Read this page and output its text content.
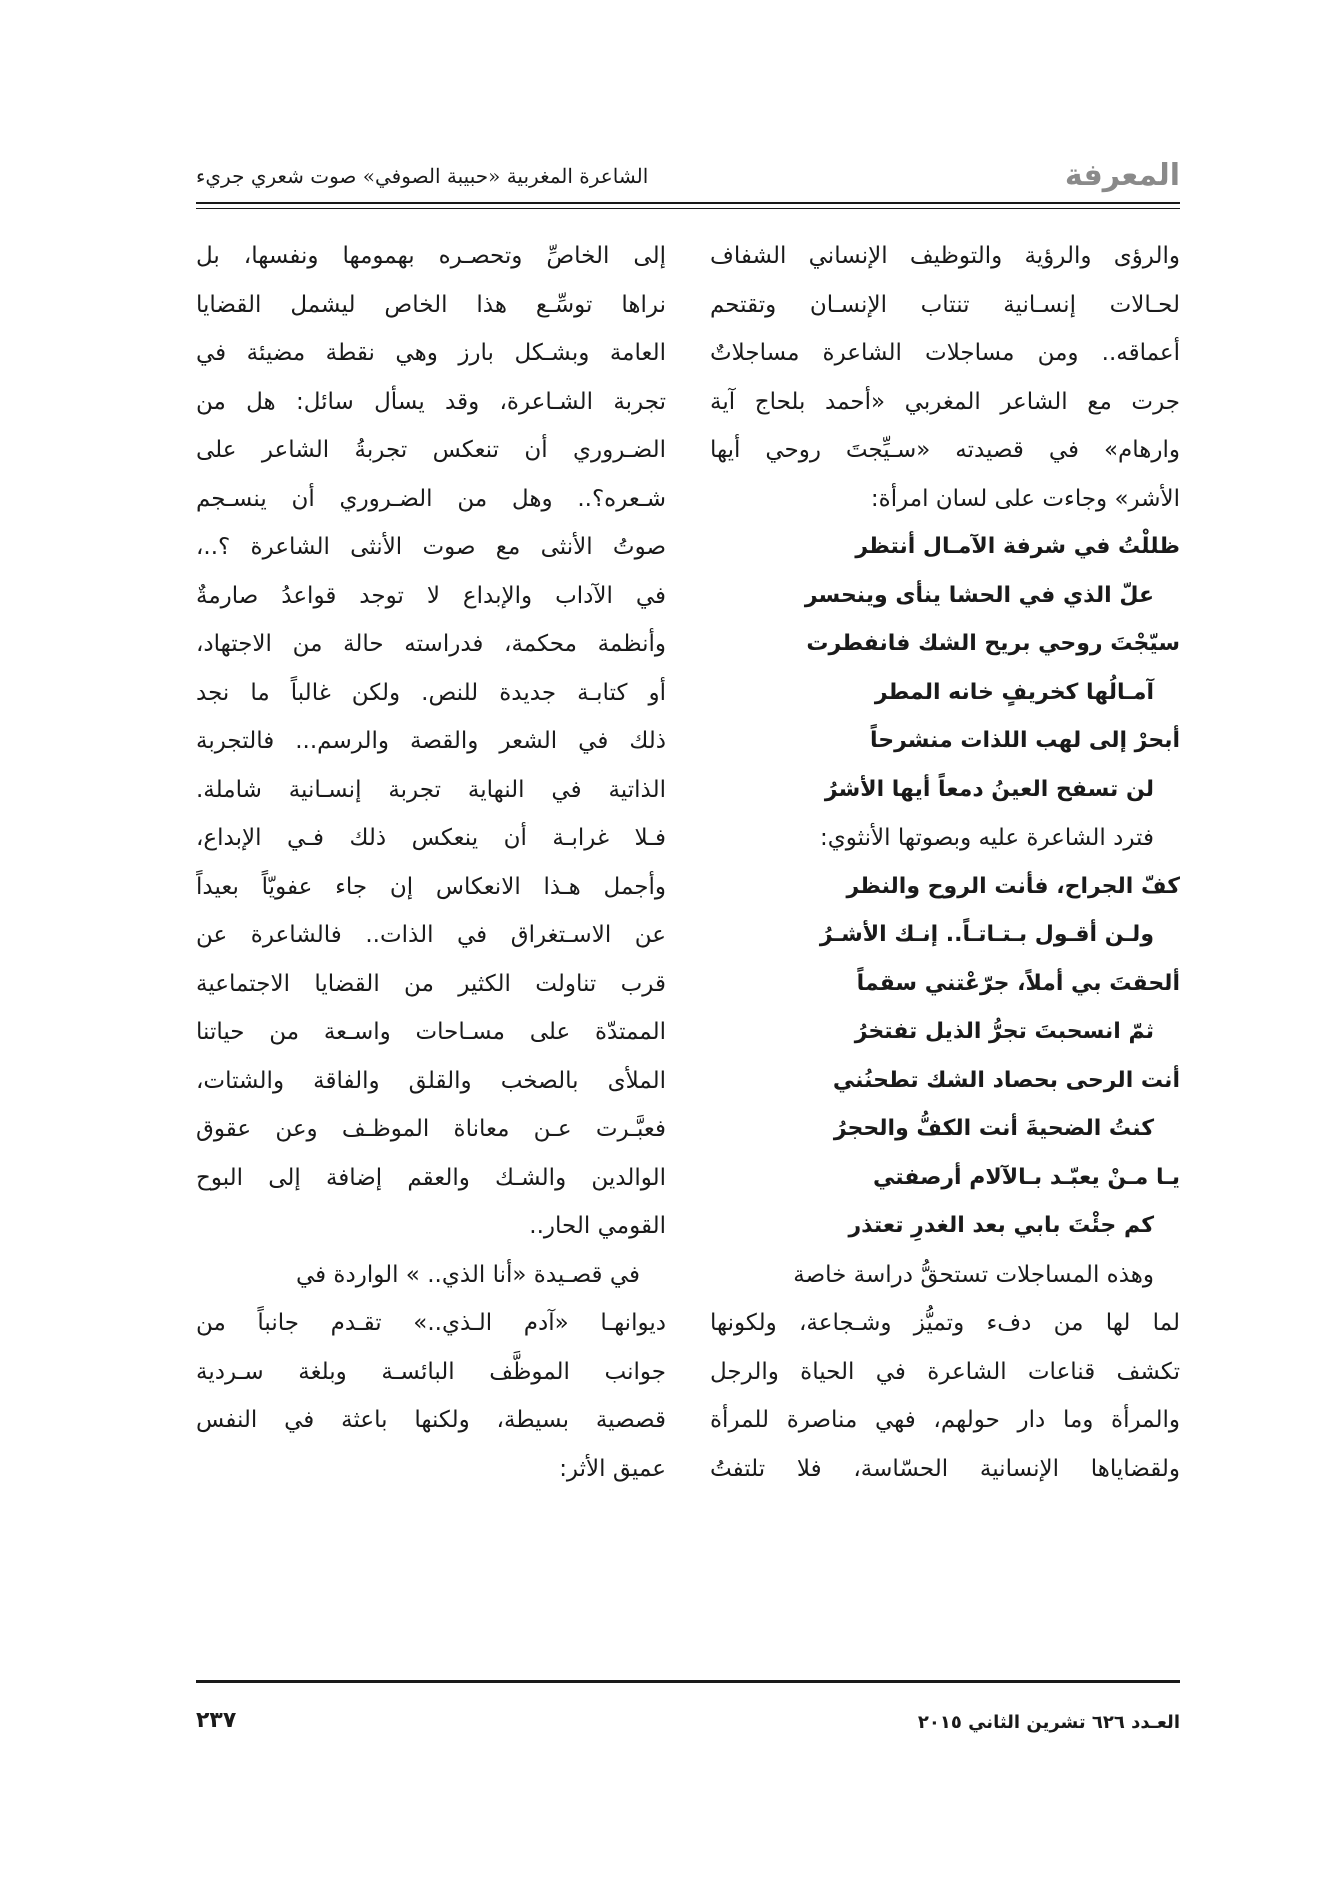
المعرفة
الشاعرة المغربية «حبيبة الصوفي» صوت شعري جريء
والرؤى والرؤية والتوظيف الإنساني الشفاف
لحـالات إنسـانية تنتاب الإنسـان وتقتحم
أعماقه.. ومن مساجلات الشاعرة مساجلاتٌ
جرت مع الشاعر المغربي «أحمد بلحاج آية
وارهام» في قصيدته «سـيِّجتَ روحي أيها
الأشر» وجاءت على لسان امرأة:
ظللْتُ في شرفة الآمـال أنتظر
علّ الذي في الحشا ينأى وينحسر
سيّجْتَ روحي بريح الشك فانفطرت
آمـالُها كخريفٍ خانه المطر
أبحرْ إلى لهب اللذات منشرحاً
لن تسفح العينُ دمعاً أيها الأشرُ
فترد الشاعرة عليه وبصوتها الأنثوي:
كفّ الجراح، فأنت الروح والنظر
ولـن أقـول بـتـاتـاً.. إنـك الأشـرُ
ألحقتَ بي أملاً، جرّعْتني سقماً
ثمّ انسحبتَ تجرُّ الذيل تفتخرُ
أنت الرحى بحصاد الشك تطحنُني
كنتُ الضحيةَ أنت الكفُّ والحجرُ
يـا مـنْ يعبّـد بـالآلام أرصفتي
كم جئْتَ بابي بعد الغدرِ تعتذر
وهذه المساجلات تستحقُّ دراسة خاصة
لما لها من دفء وتميُّز وشـجاعة، ولكونها
تكشف قناعات الشاعرة في الحياة والرجل
والمرأة وما دار حولهم، فهي مناصرة للمرأة
ولقضاياها الإنسانية الحسّاسة، فلا تلتفتُ
إلى الخاصِّ وتحصـره بهمومها ونفسها، بل
نراها توسِّـع هذا الخاص ليشمل القضايا
العامة وبشـكل بارز وهي نقطة مضيئة في
تجربة الشـاعرة، وقد يسأل سائل: هل من
الضـروري أن تنعكس تجربةُ الشاعر على
شـعره؟.. وهل من الضـروري أن ينسـجم
صوتُ الأنثى مع صوت الأنثى الشاعرة ؟..،
في الآداب والإبداع لا توجد قواعدُ صارمةٌ
وأنظمة محكمة، فدراسته حالة من الاجتهاد،
أو كتابـة جديدة للنص. ولكن غالباً ما نجد
ذلك في الشعر والقصة والرسم... فالتجربة
الذاتية في النهاية تجربة إنسـانية شاملة.
فـلا غرابـة أن ينعكس ذلك فـي الإبداع،
وأجمل هـذا الانعكاس إن جاء عفويّاً بعيداً
عن الاسـتغراق في الذات.. فالشاعرة عن
قرب تناولت الكثير من القضايا الاجتماعية
الممتدّة على مسـاحات واسـعة من حياتنا
الملأى بالصخب والقلق والفاقة والشتات،
فعبَّـرت عـن معاناة الموظـف وعن عقوق
الوالدين والشـك والعقم إضافة إلى البوح
القومي الحار..
في قصـيدة «أنا الذي.. » الواردة في
ديوانهـا «آدم الـذي..» تقـدم جانباً من
جوانب الموظَّف البائسـة وبلغة سـردية
قصصية بسيطة، ولكنها باعثة في النفس
عميق الأثر:
العـدد ٦٢٦ تشرين الثاني ٢٠١٥
٢٣٧
